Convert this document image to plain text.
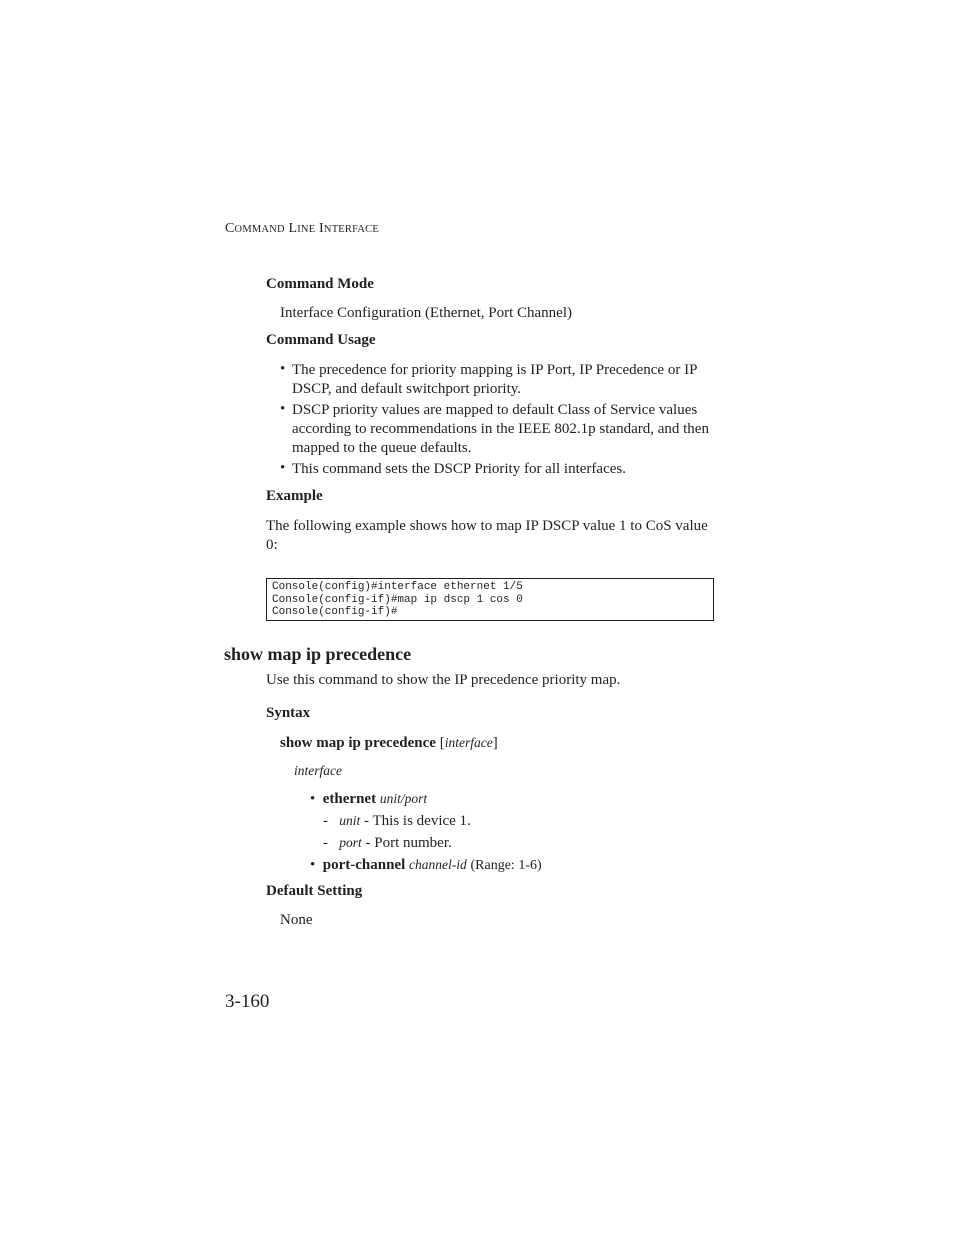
COMMAND LINE INTERFACE
Command Mode
Interface Configuration (Ethernet, Port Channel)
Command Usage
• The precedence for priority mapping is IP Port, IP Precedence or IP DSCP, and default switchport priority.
• DSCP priority values are mapped to default Class of Service values according to recommendations in the IEEE 802.1p standard, and then mapped to the queue defaults.
• This command sets the DSCP Priority for all interfaces.
Example
The following example shows how to map IP DSCP value 1 to CoS value 0:
Console(config)#interface ethernet 1/5
Console(config-if)#map ip dscp 1 cos 0
Console(config-if)#
show map ip precedence
Use this command to show the IP precedence priority map.
Syntax
show map ip precedence [interface]
interface
•  ethernet unit/port
- unit - This is device 1.
- port - Port number.
•  port-channel channel-id (Range: 1-6)
Default Setting
None
3-160
